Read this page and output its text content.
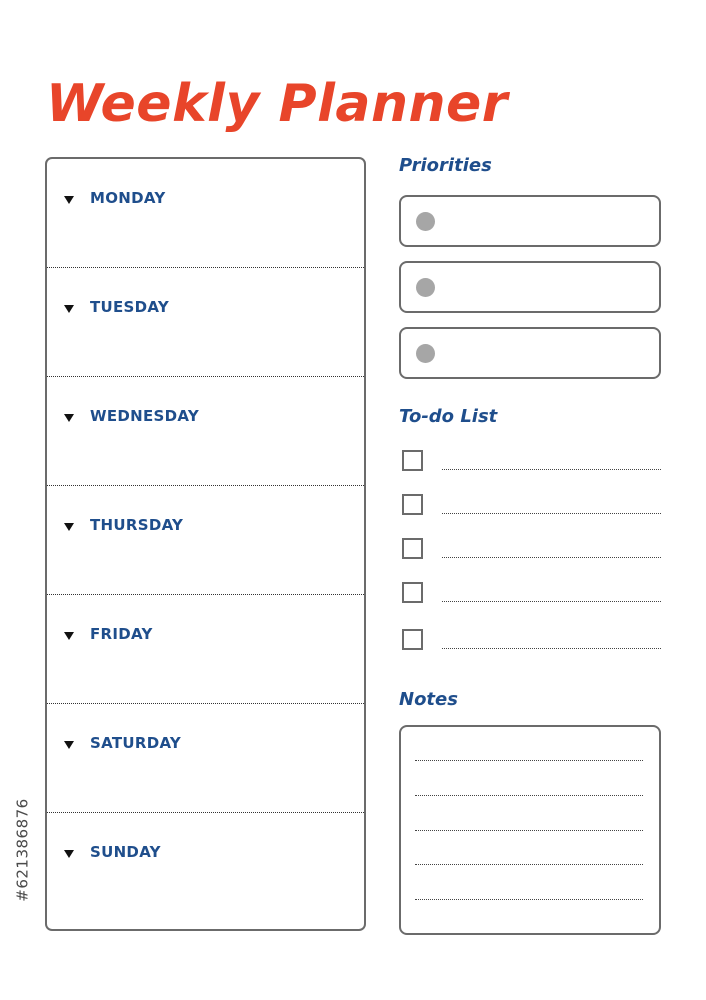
Weekly Planner
MONDAY
TUESDAY
WEDNESDAY
THURSDAY
FRIDAY
SATURDAY
SUNDAY
Priorities
To-do List
Notes
#621386876
